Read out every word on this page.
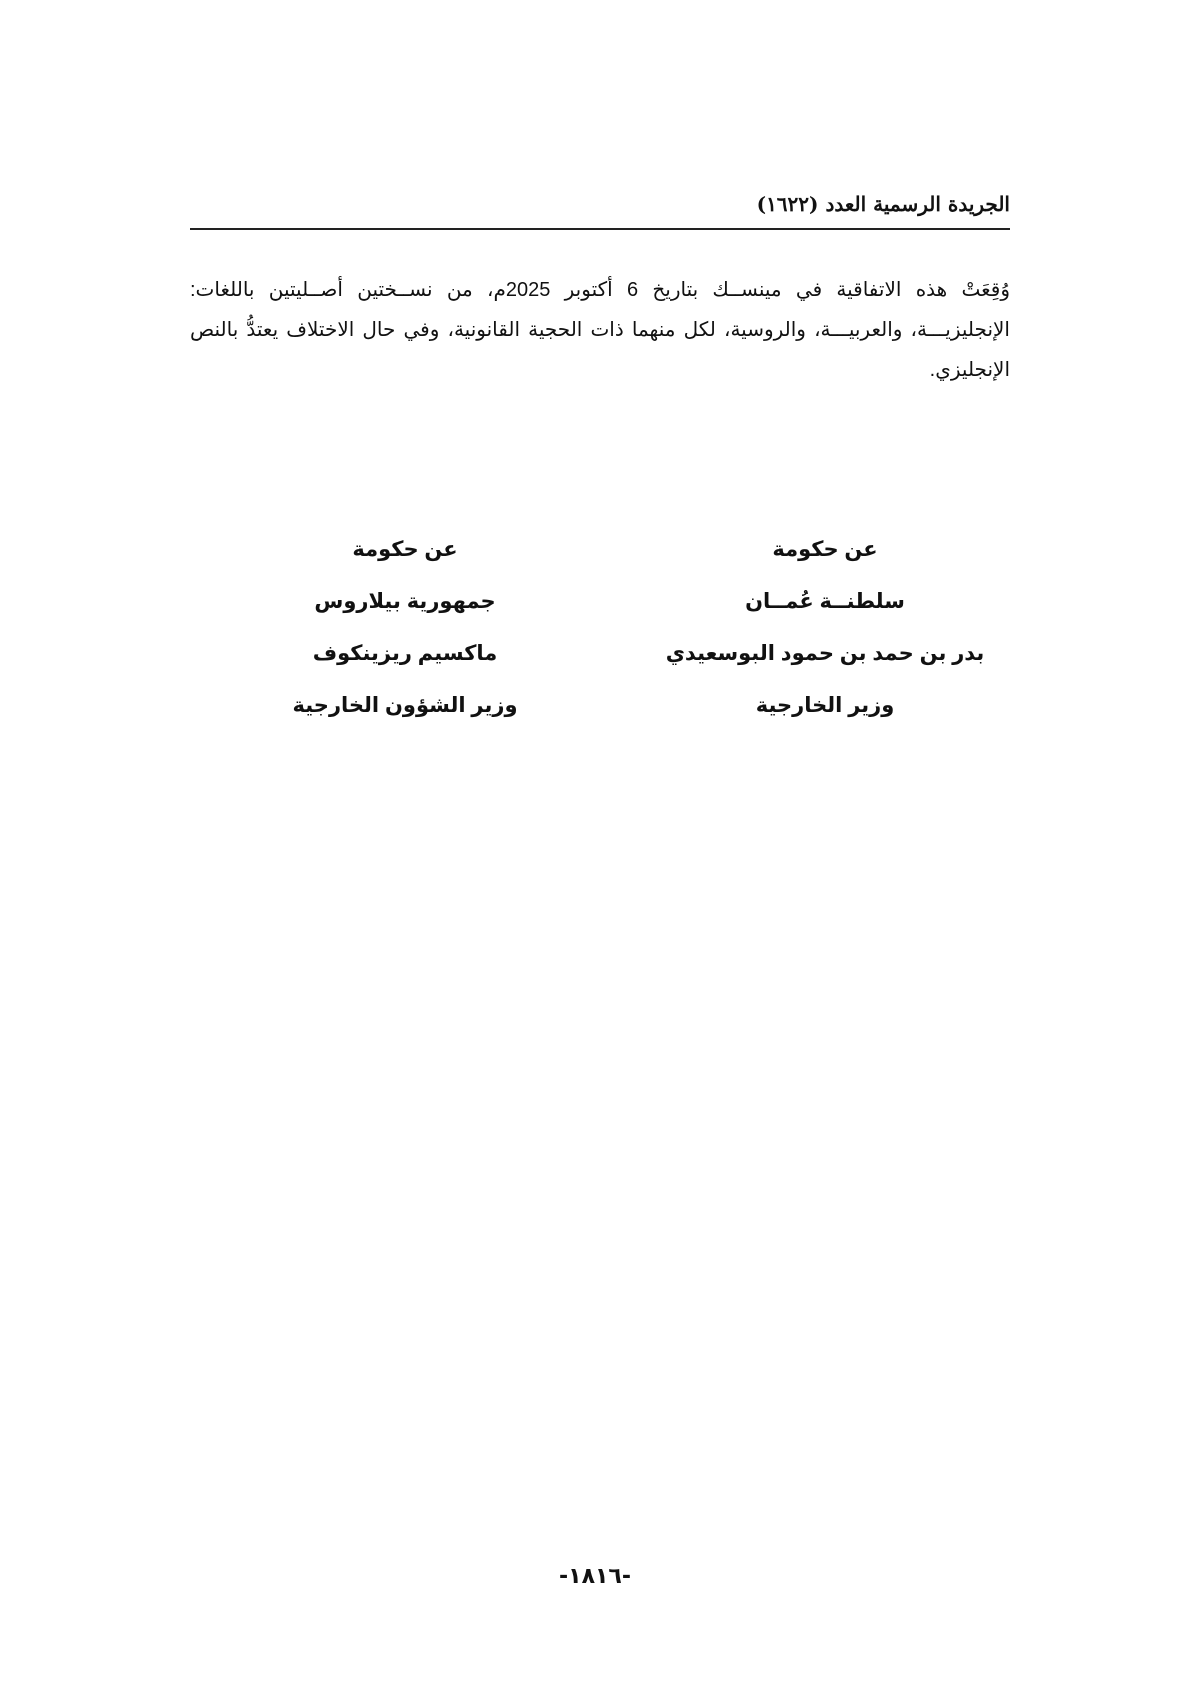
الجريدة الرسمية العدد (١٦٢٢)

وُقِعَتْ هذه الاتفاقية في مينســك بتاريخ 6 أكتوبر 2025م، من نســختين أصــليتين باللغات: الإنجليزيـــة، والعربيـــة، والروسية، لكل منهما ذات الحجية القانونية، وفي حال الاختلاف يعتدُّ بالنص الإنجليزي.

عن حكومة
سلطنــة عُمــان
بدر بن حمد بن حمود البوسعيدي
وزير الخارجية
عن حكومة
جمهورية بيلاروس
ماكسيم ريزينكوف
وزير الشؤون الخارجية
-١٨١٦-
